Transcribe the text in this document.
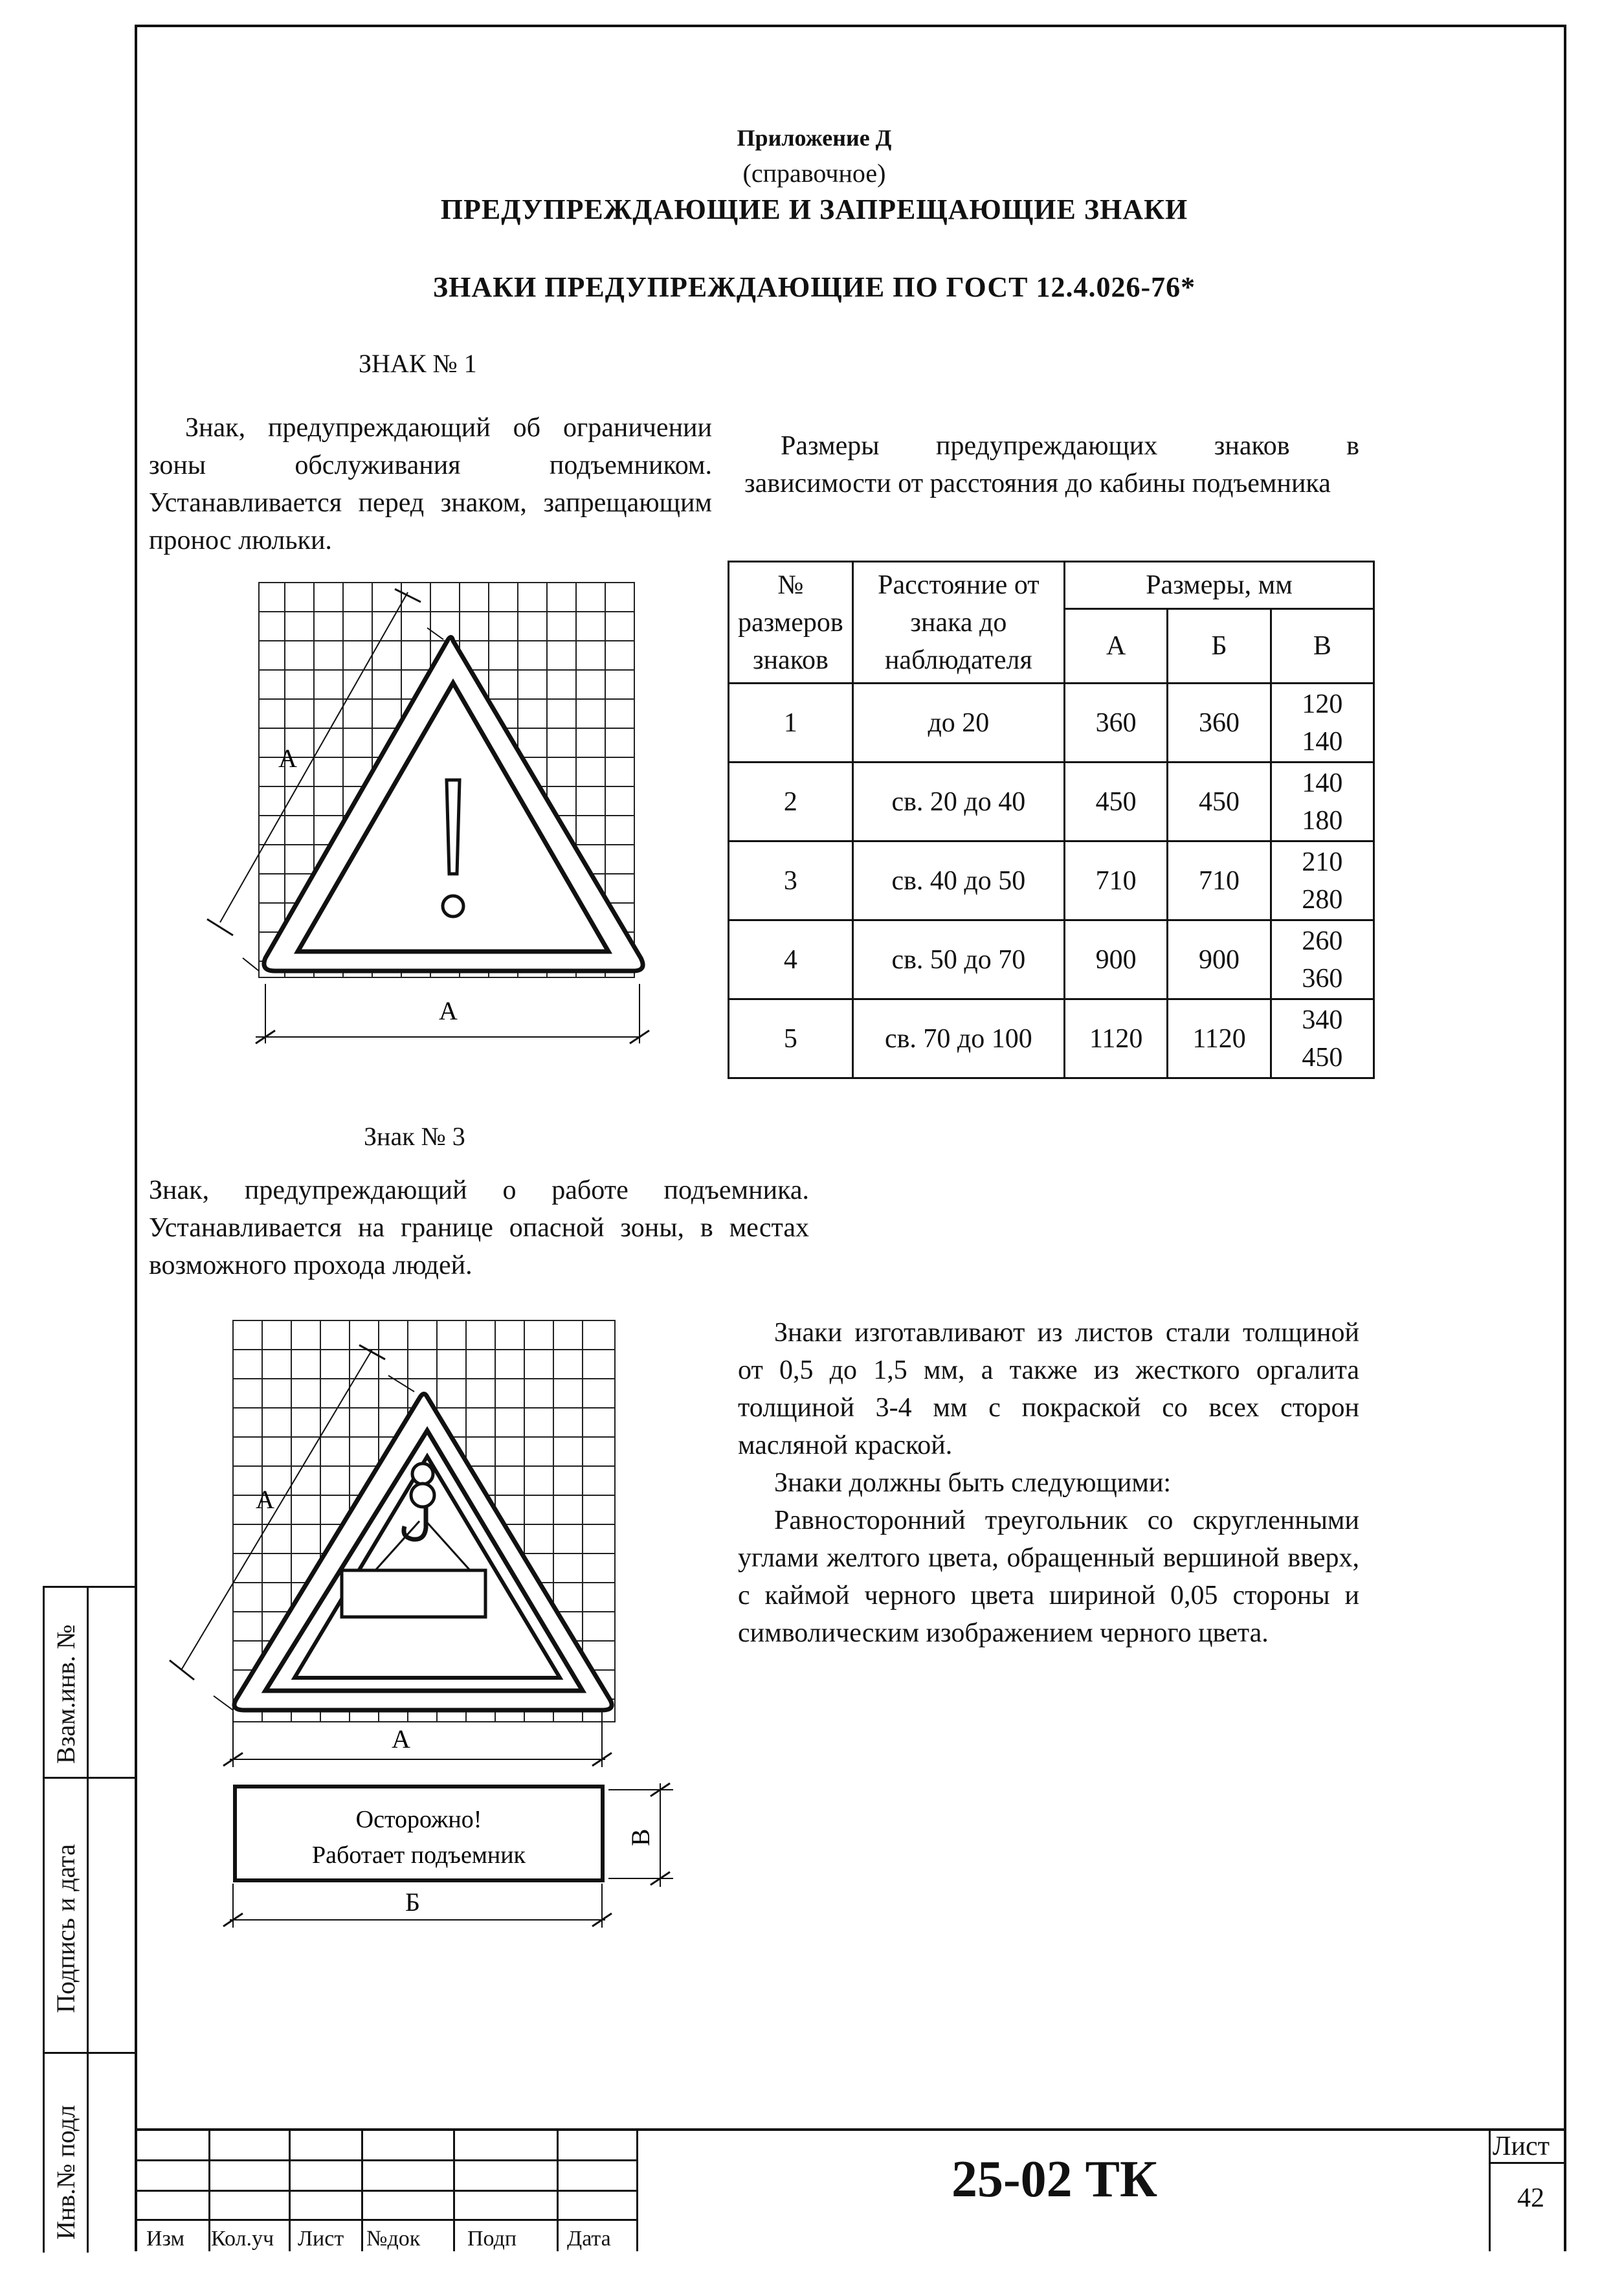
Приложение Д
(справочное)
ПРЕДУПРЕЖДАЮЩИЕ И ЗАПРЕЩАЮЩИЕ ЗНАКИ
ЗНАКИ ПРЕДУПРЕЖДАЮЩИЕ ПО ГОСТ 12.4.026-76*
ЗНАК № 1

Знак, предупреждающий об ограничении зоны обслуживания подъемником. Устанавливается перед знаком, запрещающим пронос люльки.

А
А

Размеры предупреждающих знаков в зависимости от расстояния до кабины подъемника

№ размеров знаков	Расстояние от знака до наблюдателя	Размеры, мм		
		А	Б	В
1	до 20	360	360	120
140

2	св. 20 до 40	450	450	140
180

3	св. 40 до 50	710	710	210
280

4	св. 50 до 70	900	900	260
360

5	св. 70 до 100	1120	1120	340
450
Знак № 3

Знак, предупреждающий о работе подъемника. Устанавливается на границе опасной зоны, в местах возможного прохода людей.

А
А
Осторожно!
Работает подъемник
В
Б

Знаки изготавливают из листов стали толщиной от 0,5 до 1,5 мм, а также из жесткого оргалита толщиной 3-4 мм с покраской со всех сторон масляной краской.

Знаки должны быть следующими:

Равносторонний треугольник со скругленными углами желтого цвета, обращенный вершиной вверх, с каймой черного цвета шириной 0,05 стороны и символическим изображением черного цвета.

Взам.инв. №
Подпись и дата
Инв.№ подл	Изм Кол.уч Лист №док Подп Дата
25-02 ТК
Лист
42
